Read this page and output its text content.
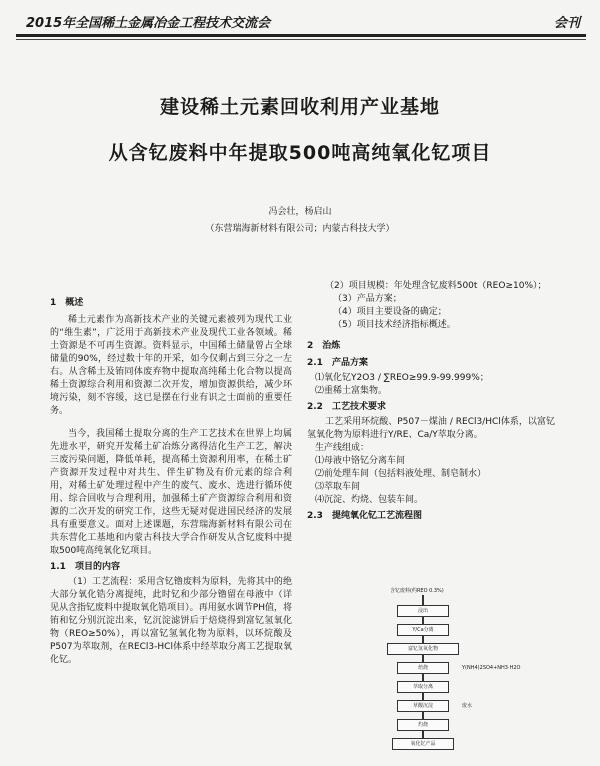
2015年全国稀土金属冶金工程技术交流会	会刊
建设稀土元素回收利用产业基地
从含钇废料中年提取500吨高纯氧化钇项目
冯会壮，杨启山
（东营瑞海新材料有限公司；内蒙古科技大学）

1　概述

稀土元素作为高新技术产业的关键元素被列为现代工业的“维生素”，广泛用于高新技术产业及现代工业各领域。稀土资源是不可再生资源。资料显示，中国稀土储量曾占全球储量的90%，经过数十年的开采，如今仅剩占到三分之一左右。从含稀土及铕同体废弃物中提取高纯稀土化合物以提高稀土资源综合利用和资源二次开发，增加资源供给，减少环境污染，刻不容缓，这已是摆在行业有识之士面前的重要任务。

当今，我国稀土提取分离的生产工艺技术在世界上均属先进水平，研究开发稀土矿冶炼分离得洁化生产工艺，解决三废污染问题，降低单耗，提高稀土资源利用率，在稀土矿产资源开发过程中对共生、伴生矿物及有价元素的综合利用，对稀土矿处理过程中产生的废气、废水、选进行循环使用、综合回收与合理利用，加强稀土矿产资源综合利用和资源的二次开发的研究工作，这些无疑对促进国民经济的发展具有重要意义。面对上述课题，东营瑞海新材料有限公司在共东营化工基地和内蒙古科技大学合作研发从含钇废料中提取500吨高纯氧化钇项目。

1.1　项目的内容

（1）工艺流程：采用含钇镥废料为原料，先将其中的绝大部分氧化锆分离提纯，此时钇和少部分镥留在母液中（详见从含指钇废料中提取氧化锆项目）。再用氨水调节PH值，将铕和钇分别沉淀出来，钇沉淀滤饼后于焙烧得到富钇氢氧化物（REO≥50%），再以富钇氢氧化物为原料，以环烷酸及P507为萃取剂，在RECl3-HCl体系中经萃取分离工艺提取氧化钇。

（2）项目规模：年处理含钇废料500t（REO≥10%）；

（3）产品方案；

（4）项目主要设备的确定；

（5）项目技术经济指标概述。

2　治炼

2.1　产品方案

⑴氧化钇Y2O3 / ∑REO≥99.9-99.999%；

⑵重稀土富集物。

2.2　工艺技术要求

工艺采用环烷酸、P507－煤油 / RECl3/HCl体系，以富钇氢氧化物为原料进行Y/RE、Ca/Y萃取分离。

生产线组成：

⑴母液中铬钇分离车间

⑵前处理车间（包括料液处理、制皂制水）

⑶萃取车间

⑷沉淀、灼烧、包装车间。

2.3　提纯氧化钇工艺流程图

含钇废料(约REO 0.3%)
浸出
Y/Ca分离
富钇氢氧化物
焙烧	Y(NH4)2SO4+NH3·H2O
萃取分离
草酸沉淀	废水
灼烧
氧化钇产品
